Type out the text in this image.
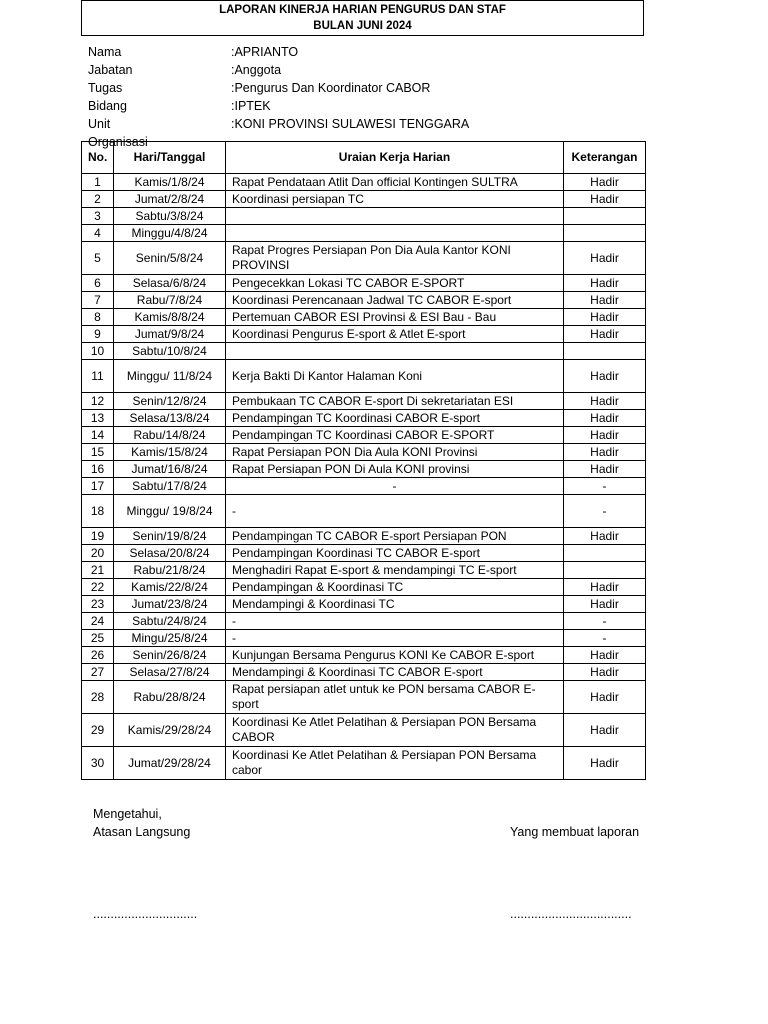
LAPORAN KINERJA HARIAN PENGURUS DAN STAF
BULAN JUNI 2024
Nama	:APRIANTO
Jabatan	:Anggota
Tugas	:Pengurus Dan Koordinator CABOR
Bidang	:IPTEK
Unit Organisasi
:KONI PROVINSI SULAWESI TENGGARA
No.	Hari/Tanggal	Uraian Kerja Harian	Keterangan
1	Kamis/1/8/24	Rapat Pendataan Atlit Dan official Kontingen SULTRA	Hadir
2	Jumat/2/8/24	Koordinasi persiapan TC	Hadir
3	Sabtu/3/8/24		
4	Minggu/4/8/24		
5	Senin/5/8/24	Rapat Progres Persiapan Pon Dia Aula Kantor KONI PROVINSI	Hadir
6	Selasa/6/8/24	Pengecekkan Lokasi TC CABOR E-SPORT	Hadir
7	Rabu/7/8/24	Koordinasi Perencanaan Jadwal TC CABOR E-sport	Hadir
8	Kamis/8/8/24	Pertemuan CABOR ESI Provinsi & ESI Bau - Bau	Hadir
9	Jumat/9/8/24	Koordinasi Pengurus E-sport & Atlet E-sport	Hadir
10	Sabtu/10/8/24		
11	Minggu/ 11/8/24	Kerja Bakti Di Kantor Halaman Koni	Hadir
12	Senin/12/8/24	Pembukaan TC CABOR E-sport Di sekretariatan ESI	Hadir
13	Selasa/13/8/24	Pendampingan TC Koordinasi CABOR E-sport	Hadir
14	Rabu/14/8/24	Pendampingan TC Koordinasi CABOR E-SPORT	Hadir
15	Kamis/15/8/24	Rapat Persiapan PON Dia Aula KONI Provinsi	Hadir
16	Jumat/16/8/24	Rapat Persiapan PON Di Aula KONI provinsi	Hadir
17	Sabtu/17/8/24	-	-
18	Minggu/ 19/8/24	-	-
19	Senin/19/8/24	Pendampingan TC CABOR E-sport Persiapan PON	Hadir
20	Selasa/20/8/24	Pendampingan Koordinasi TC CABOR E-sport	
21	Rabu/21/8/24	Menghadiri Rapat E-sport & mendampingi TC E-sport	
22	Kamis/22/8/24	Pendampingan & Koordinasi TC	Hadir
23	Jumat/23/8/24	Mendampingi & Koordinasi TC	Hadir
24	Sabtu/24/8/24	-	-
25	Mingu/25/8/24	-	-
26	Senin/26/8/24	Kunjungan Bersama Pengurus KONI Ke CABOR E-sport	Hadir
27	Selasa/27/8/24	Mendampingi & Koordinasi TC CABOR E-sport	Hadir
28	Rabu/28/8/24	Rapat persiapan atlet untuk ke PON bersama CABOR E-sport	Hadir
29	Kamis/29/28/24	Koordinasi Ke Atlet Pelatihan & Persiapan PON Bersama CABOR	Hadir
30	Jumat/29/28/24	Koordinasi Ke Atlet Pelatihan & Persiapan PON Bersama cabor	Hadir
Mengetahui,
Atasan Langsung	Yang membuat laporan
..............................	...................................
